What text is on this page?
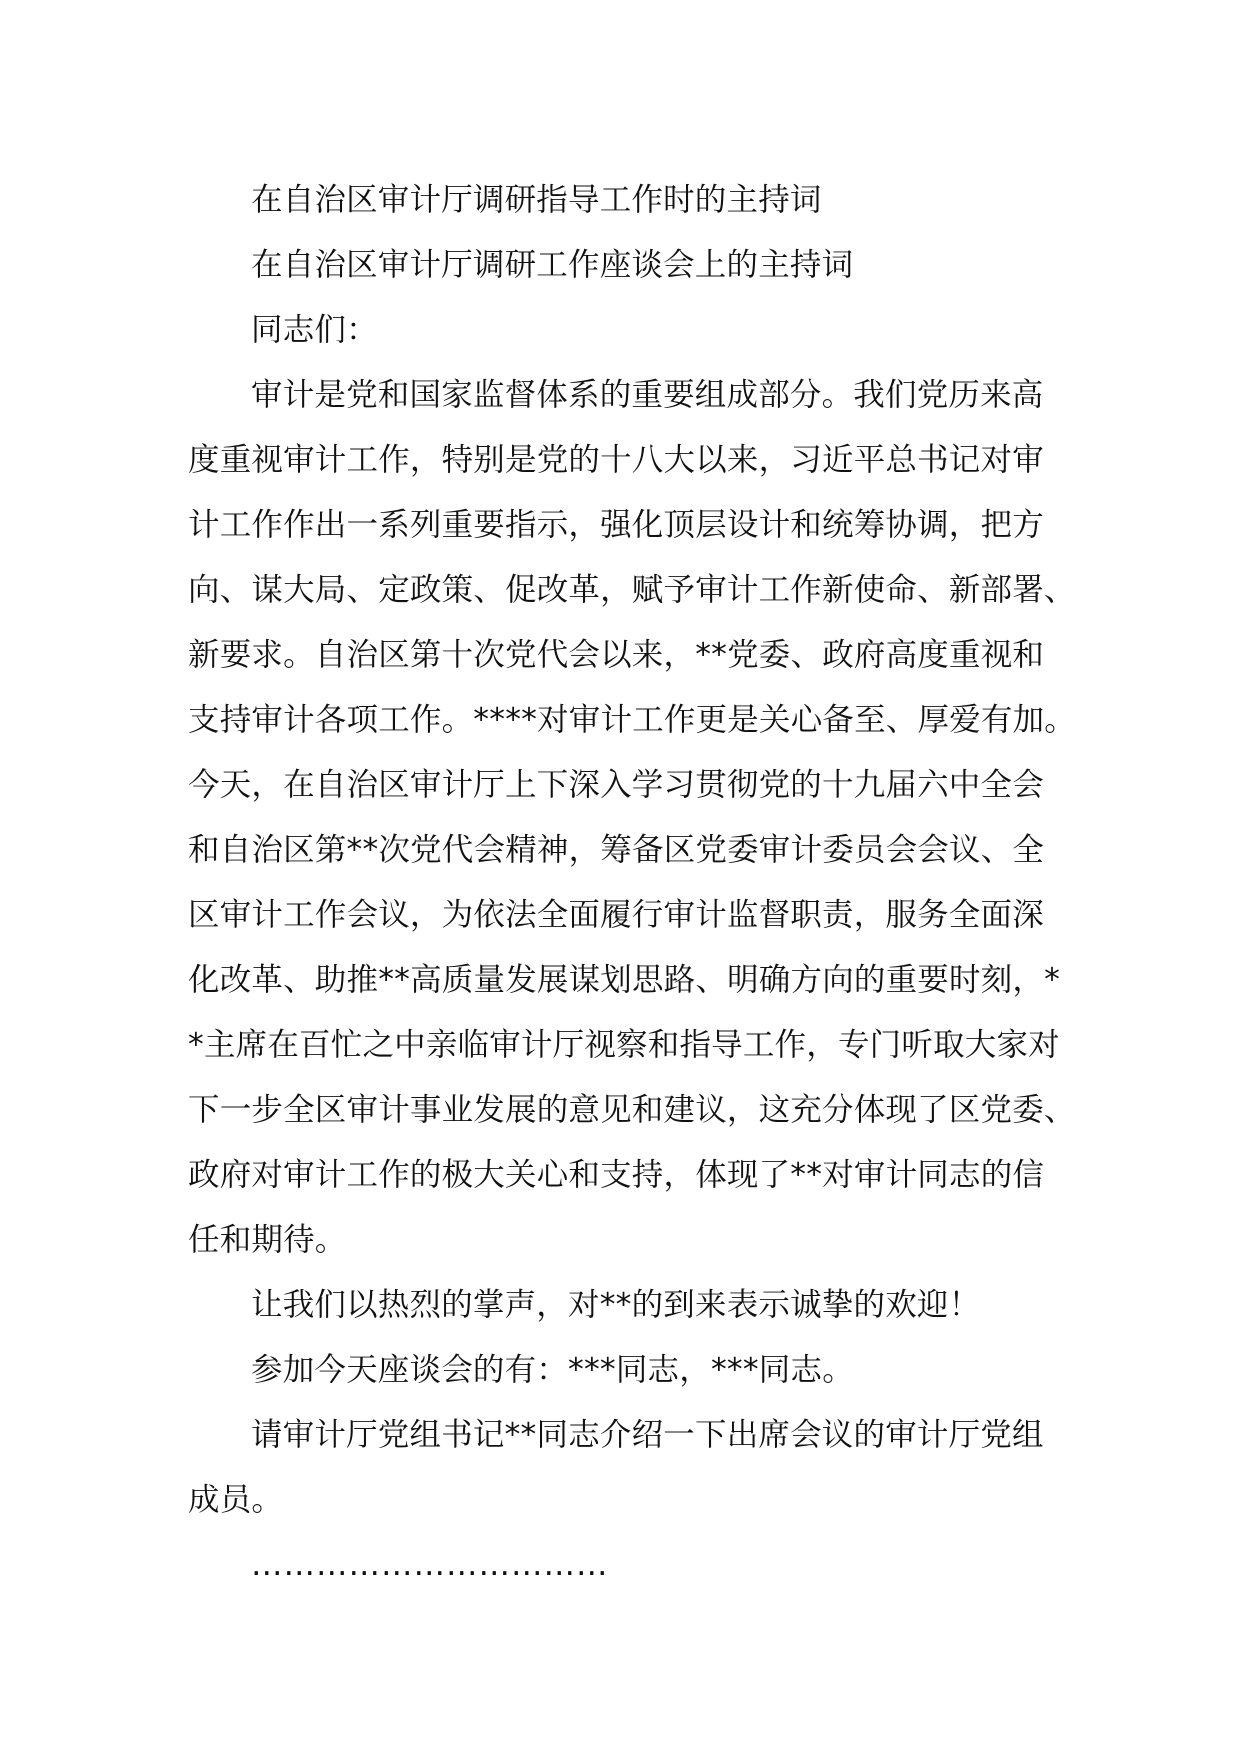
在自治区审计厅调研指导工作时的主持词
在自治区审计厅调研工作座谈会上的主持词
同志们：
审计是党和国家监督体系的重要组成部分。我们党历来高
度重视审计工作，特别是党的十八大以来，习近平总书记对审
计工作作出一系列重要指示，强化顶层设计和统筹协调，把方
向、谋大局、定政策、促改革，赋予审计工作新使命、新部署、
新要求。自治区第十次党代会以来，**党委、政府高度重视和
支持审计各项工作。****对审计工作更是关心备至、厚爱有加。
今天，在自治区审计厅上下深入学习贯彻党的十九届六中全会
和自治区第**次党代会精神，筹备区党委审计委员会会议、全
区审计工作会议，为依法全面履行审计监督职责，服务全面深
化改革、助推**高质量发展谋划思路、明确方向的重要时刻，*
*主席在百忙之中亲临审计厅视察和指导工作，专门听取大家对
下一步全区审计事业发展的意见和建议，这充分体现了区党委、
政府对审计工作的极大关心和支持，体现了**对审计同志的信
任和期待。
让我们以热烈的掌声，对**的到来表示诚挚的欢迎！
参加今天座谈会的有：***同志，***同志。
请审计厅党组书记**同志介绍一下出席会议的审计厅党组
成员。
……………………………
